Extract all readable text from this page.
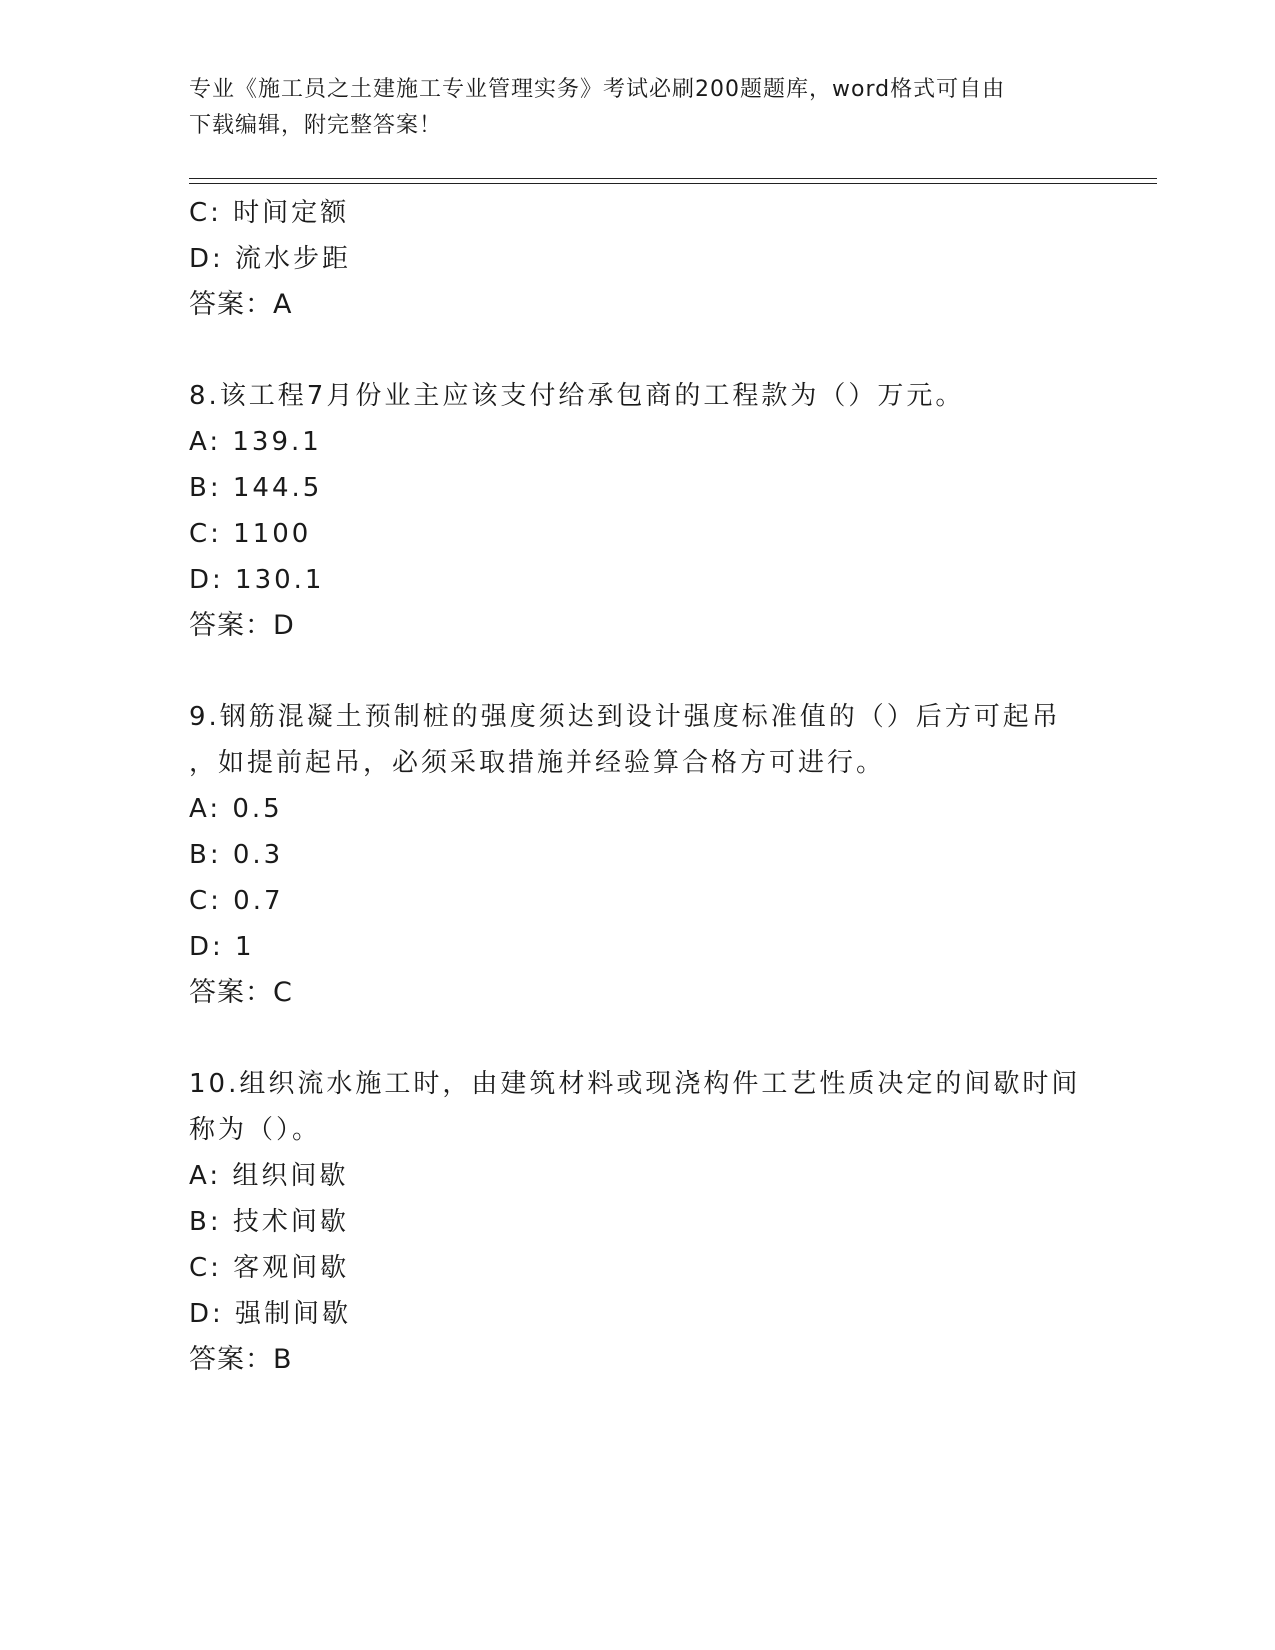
专业《施工员之土建施工专业管理实务》考试必刷200题题库，word格式可自由
下载编辑，附完整答案！
C: 时间定额
D: 流水步距
答案：A
8.该工程7月份业主应该支付给承包商的工程款为（）万元。
A: 139.1
B: 144.5
C: 1100
D: 130.1
答案：D
9.钢筋混凝土预制桩的强度须达到设计强度标准值的（）后方可起吊
，如提前起吊，必须采取措施并经验算合格方可进行。
A: 0.5
B: 0.3
C: 0.7
D: 1
答案：C
10.组织流水施工时，由建筑材料或现浇构件工艺性质决定的间歇时间
称为（）。
A: 组织间歇
B: 技术间歇
C: 客观间歇
D: 强制间歇
答案：B
